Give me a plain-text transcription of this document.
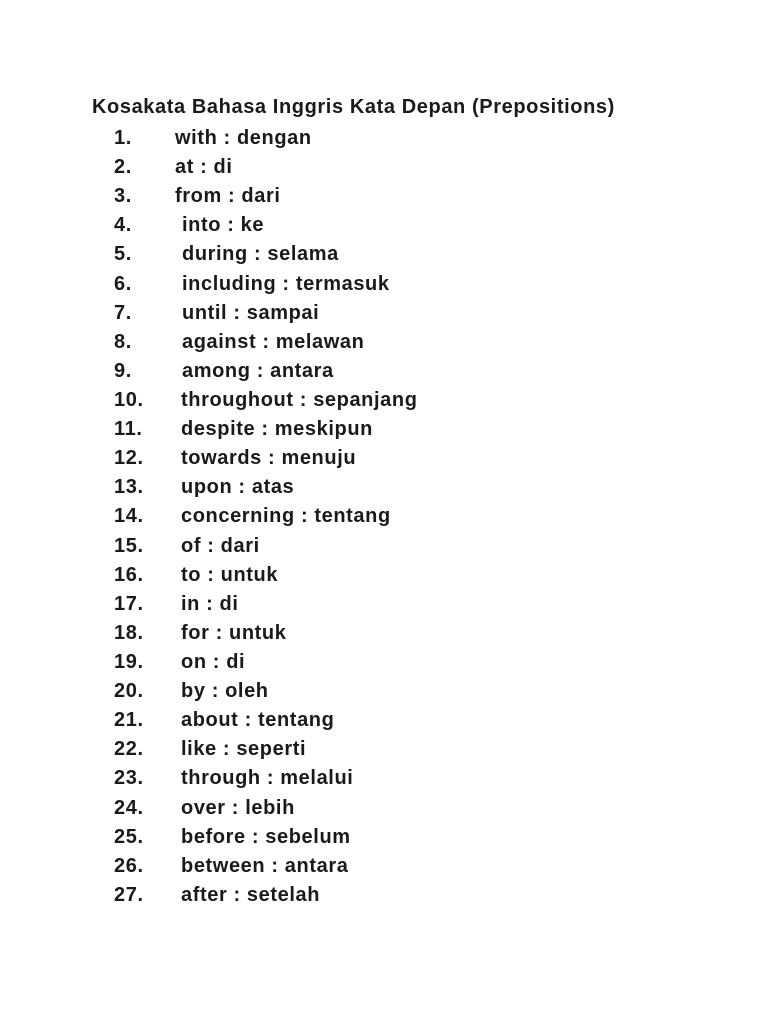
Kosakata Bahasa Inggris Kata Depan (Prepositions)
1. with : dengan
2. at : di
3. from : dari
4.	into : ke
5.	during : selama
6.	including : termasuk
7.	until : sampai
8.	against : melawan
9.	among : antara
10. throughout : sepanjang
11. despite : meskipun
12. towards : menuju
13. upon : atas
14. concerning : tentang
15. of : dari
16. to : untuk
17. in : di
18. for : untuk
19. on : di
20. by : oleh
21. about : tentang
22. like : seperti
23. through : melalui
24. over : lebih
25. before : sebelum
26. between : antara
27. after : setelah
